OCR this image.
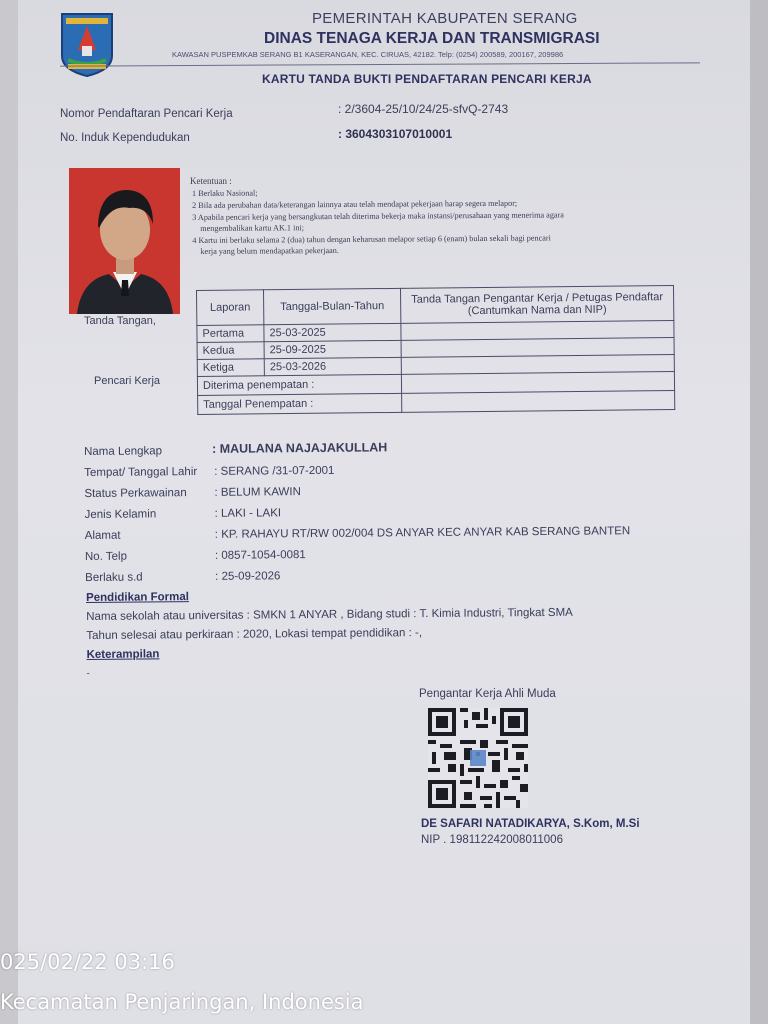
PEMERINTAH KABUPATEN SERANG
DINAS TENAGA KERJA DAN TRANSMIGRASI
KAWASAN PUSPEMKAB SERANG B1 KASERANGAN, KEC. CIRUAS, 42182. Telp: (0254) 200589, 200167, 209986
KARTU TANDA BUKTI PENDAFTARAN PENCARI KERJA
Nomor Pendaftaran Pencari Kerja	: 2/3604-25/10/24/25-sfvQ-2743
No. Induk Kependudukan	: 3604303107010001
Ketentuan :
1 Berlaku Nasional;
2 Bila ada perubahan data/keterangan lainnya atau telah mendapat pekerjaan harap segera melapor;
3 Apabila pencari kerja yang bersangkutan telah diterima bekerja maka instansi/perusahaan yang menerima agara
mengembalikan kartu AK.1 ini;
4 Kartu ini berlaku selama 2 (dua) tahun dengan keharusan melapor setiap 6 (enam) bulan sekali bagi pencari
kerja yang belum mendapatkan pekerjaan.
Tanda Tangan,
Pencari Kerja
Laporan	Tanggal-Bulan-Tahun	Tanda Tangan Pengantar Kerja / Petugas Pendaftar (Cantumkan Nama dan NIP)
Pertama	25-03-2025	
Kedua	25-09-2025	
Ketiga	25-03-2026	
Diterima penempatan :		
Tanggal Penempatan :		
Nama Lengkap	: MAULANA NAJAJAKULLAH
Tempat/ Tanggal Lahir : SERANG /31-07-2001
Status Perkawainan : BELUM KAWIN
Jenis Kelamin	: LAKI - LAKI
Alamat	: KP. RAHAYU RT/RW 002/004 DS ANYAR KEC ANYAR KAB SERANG BANTEN
No. Telp	: 0857-1054-0081
Berlaku s.d	: 25-09-2026
Pendidikan Formal
Nama sekolah atau universitas : SMKN 1 ANYAR , Bidang studi : T. Kimia Industri, Tingkat SMA
Tahun selesai atau perkiraan : 2020, Lokasi tempat pendidikan : -,
Keterampilan
-
Pengantar Kerja Ahli Muda
DE SAFARI NATADIKARYA, S.Kom, M.Si
NIP . 198112242008011006
025/02/22 03:16
Kecamatan Penjaringan, Indonesia
